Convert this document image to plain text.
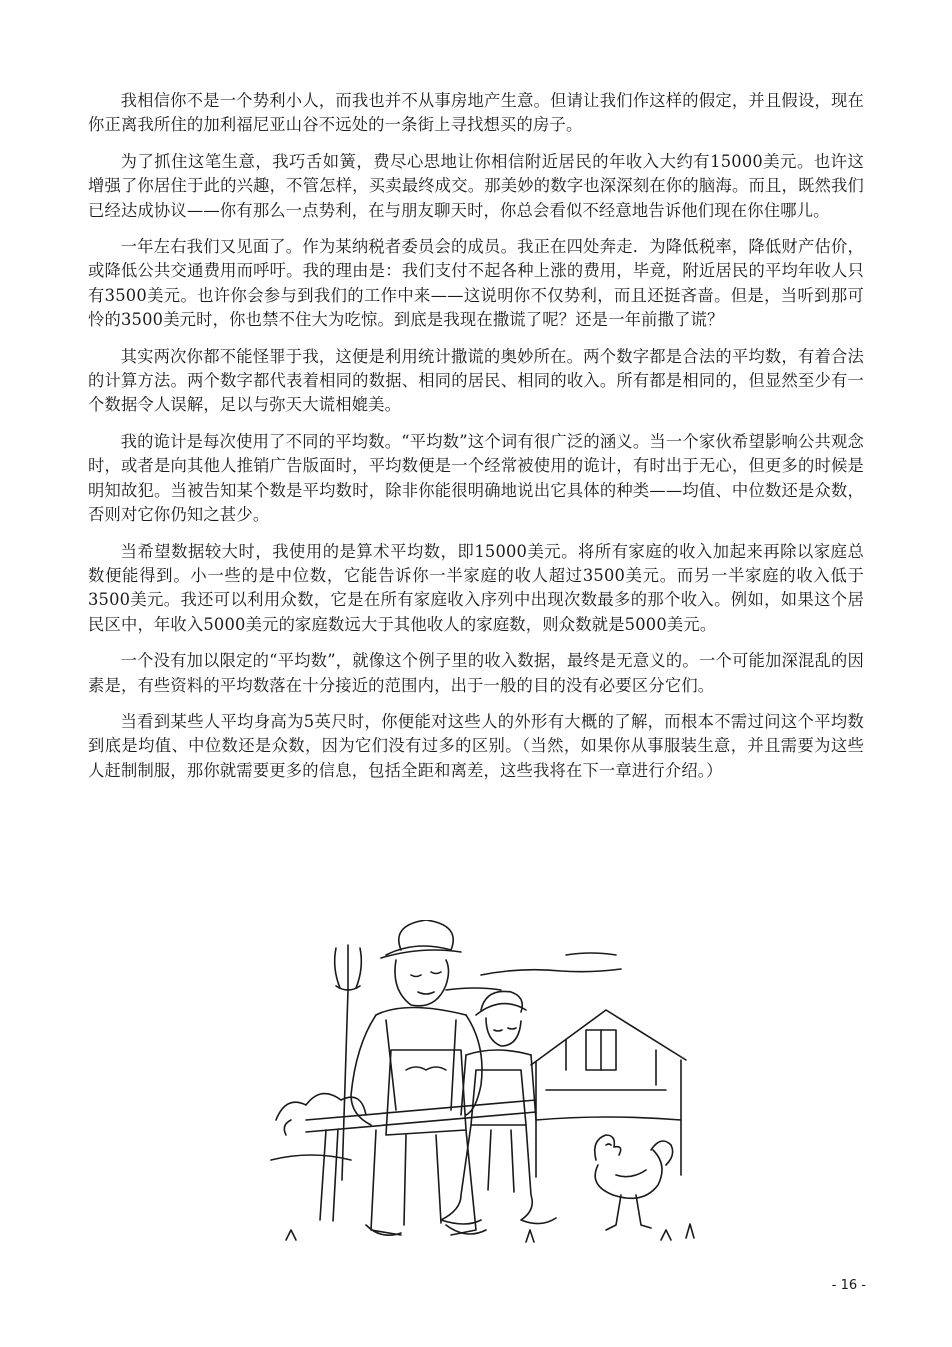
我相信你不是一个势利小人，而我也并不从事房地产生意。但请让我们作这样的假定，并且假设，现在你正离我所住的加利福尼亚山谷不远处的一条街上寻找想买的房子。

为了抓住这笔生意，我巧舌如簧，费尽心思地让你相信附近居民的年收入大约有15000美元。也许这增强了你居住于此的兴趣，不管怎样，买卖最终成交。那美妙的数字也深深刻在你的脑海。而且，既然我们已经达成协议——你有那么一点势利，在与朋友聊天时，你总会看似不经意地告诉他们现在你住哪儿。

一年左右我们又见面了。作为某纳税者委员会的成员。我正在四处奔走．为降低税率，降低财产估价，或降低公共交通费用而呼吁。我的理由是：我们支付不起各种上涨的费用，毕竟，附近居民的平均年收人只有3500美元。也许你会参与到我们的工作中来——这说明你不仅势利，而且还挺吝啬。但是，当听到那可怜的3500美元时，你也禁不住大为吃惊。到底是我现在撒谎了呢？还是一年前撒了谎？

其实两次你都不能怪罪于我，这便是利用统计撒谎的奥妙所在。两个数字都是合法的平均数，有着合法的计算方法。两个数字都代表着相同的数据、相同的居民、相同的收入。所有都是相同的，但显然至少有一个数据令人误解，足以与弥天大谎相媲美。

我的诡计是每次使用了不同的平均数。“平均数”这个词有很广泛的涵义。当一个家伙希望影响公共观念时，或者是向其他人推销广告版面时，平均数便是一个经常被使用的诡计，有时出于无心，但更多的时候是明知故犯。当被告知某个数是平均数时，除非你能很明确地说出它具体的种类——均值、中位数还是众数，否则对它你仍知之甚少。

当希望数据较大时，我使用的是算术平均数，即15000美元。将所有家庭的收入加起来再除以家庭总数便能得到。小一些的是中位数，它能告诉你一半家庭的收人超过3500美元。而另一半家庭的收入低于3500美元。我还可以利用众数，它是在所有家庭收入序列中出现次数最多的那个收入。例如，如果这个居民区中，年收入5000美元的家庭数远大于其他收人的家庭数，则众数就是5000美元。

一个没有加以限定的“平均数”，就像这个例子里的收入数据，最终是无意义的。一个可能加深混乱的因素是，有些资料的平均数落在十分接近的范围内，出于一般的目的没有必要区分它们。

当看到某些人平均身高为5英尺时，你便能对这些人的外形有大概的了解，而根本不需过问这个平均数到底是均值、中位数还是众数，因为它们没有过多的区别。（当然，如果你从事服装生意，并且需要为这些人赶制制服，那你就需要更多的信息，包括全距和离差，这些我将在下一章进行介绍。）

- 16 -
